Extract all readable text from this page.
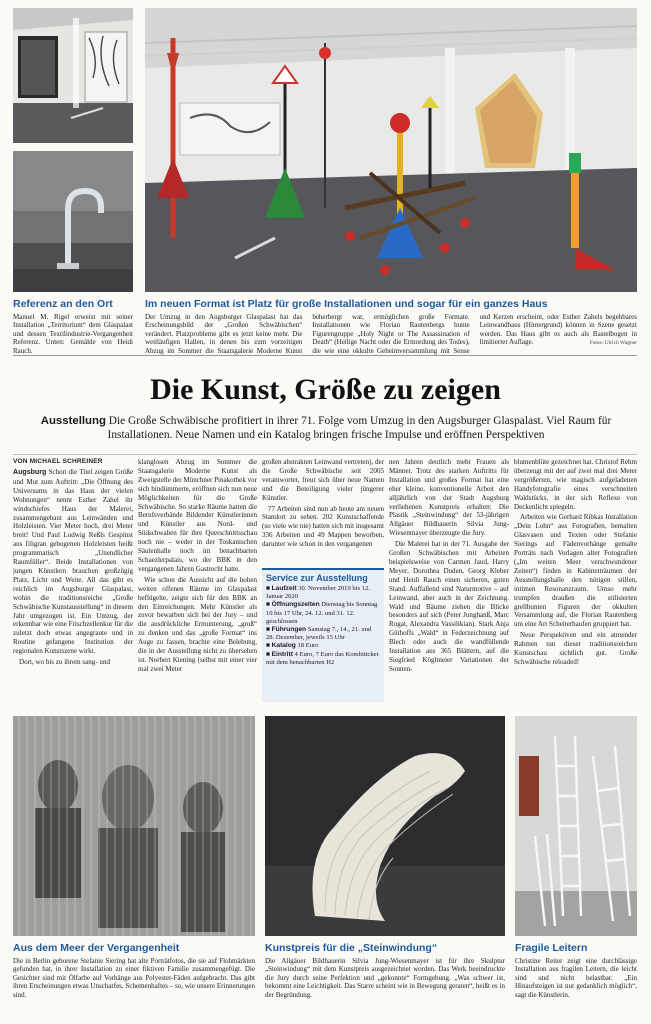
Referenz an den Ort
Manuel M. Rigel erweist mit seiner Installation „Territorium“ dem Glaspalast und dessen Textilindustrie-Vergangenheit Referenz. Unten: Gemälde von Heidi Rauch.
Im neuen Format ist Platz für große Installationen und sogar für ein ganzes Haus
Der Umzug in den Augsburger Glaspalast hat das Erscheinungsbild der „Großen Schwäbischen“ verändert. Platzprobleme gibt es jetzt keine mehr. Die weitläufigen Hallen, in denen bis zum vorzeitigen Abzug im Sommer die Staatsgalerie Moderne Kunst beherbergt war, ermöglichen große Formate. Installationen wie Florian Rautenbergs bunte Figurengruppe „Holy Night or The Assassination of Death“ (Heilige Nacht oder die Ermordung des Todes), die wie eine okkulte Geheimversammlung mit Sense und Kerzen erscheint, oder Esther Zahels begehbares Leinwandhaus (Hintergrund) können in Szene gesetzt werden. Das Haus gibt es auch als Bastelbogen in limitierter Auflage.	Fotos: Ulrich Wagner
Die Kunst, Größe zu zeigen
Ausstellung Die Große Schwäbische profitiert in ihrer 71. Folge vom Umzug in den Augsburger Glaspalast. Viel Raum für Installationen. Neue Namen und ein Katalog bringen frische Impulse und eröffnen Perspektiven
VON MICHAEL SCHREINER

Augsburg Schon die Titel zeigen Größe und Mut zum Auftritt: „Die Öffnung des Universums in das Haus der vielen Wohnungen“ nennt Esther Zahel ihr windschiefes Haus der Malerei, zusammengebaut aus Leinwänden und Holzleisten. Vier Meter hoch, drei Meter breit! Und Paul Ludwig Reßls Gespinst aus filigran gebogenen Holzleisten heißt programmatisch „Unendlicher Raumfüller“. Beide Installationen von jungen Künstlern brauchen großzügig Platz, Licht und Weite. All das gibt es reichlich im Augsburger Glaspalast, wohin die traditionsreiche „Große Schwäbische Kunstausstellung“ in diesem Jahr umgezogen ist. Ein Umzug, der erkennbar wie eine Frischzellenkur für die zuletzt doch etwas angegraute und in Routine gefangene Institution der regionalen Kunstszene wirkt.

Dort, wo bis zu ihrem sang- und

klanglosen Abzug im Sommer die Staatsgalerie Moderne Kunst als Zweigstelle der Münchner Pinakothek vor sich hindümmerte, eröffnen sich nun neue Möglichkeiten für die Große Schwäbische. So starke Räume hatten die Berufsverbände Bildender Künstlerinnen und Künstler aus Nord- und Südschwaben für ihre Querschnittsschau noch nie – weder in der Toskanischen Säulenhalle noch im benachbarten Schaezlerpalais, wo der BBK in den vergangenen Jahren Gastrecht hatte.

Wie schon die Aussicht auf die hohen weiten offenen Räume im Glaspalast beflügelte, zeigte sich für den BBK an den Einreichungen. Mehr Künstler als zuvor bewarben sich bei der Jury – und die ausdrückliche Ermunterung, „groß“ zu denken und das „große Format“ ins Auge zu fassen, brachte eine Belebung, die in der Ausstellung nicht zu übersehen ist. Norbert Kiening (selbst mit einer vier mal zwei Meter

großen abstrakten Leinwand vertreten), der die Große Schwäbische seit 2005 verantwortet, freut sich über neue Namen und die Beteiligung vieler jüngerer Künstler.

77 Arbeiten sind nun ab heute am neuen Standort zu sehen. 202 Kunstschaffende (so viele wie nie) hatten sich mit insgesamt 336 Arbeiten und 49 Mappen beworben, darunter wie schon in den vergangenen

Service zur Ausstellung
■ Laufzeit 30. November 2019 bis 12. Januar 2020
■ Öffnungszeiten Dienstag bis Sonntag 10 bis 17 Uhr, 24. 12. und 31. 12. geschlossen
■ Führungen Samstag 7., 14., 21. und 28. Dezember, jeweils 15 Uhr
■ Katalog 18 Euro
■ Eintritt 4 Euro, 7 Euro das Kombiticket mit dem benachbarten H2

nen Jahren deutlich mehr Frauen als Männer. Trotz des starken Auftritts für Installation und großes Format hat eine eher kleine, konventionelle Arbeit den alljährlich von der Stadt Augsburg verliehenen Kunstpreis erhalten: Die Plastik „Steinwindung“ der 53-jährigen Allgäuer Bildhauerin Silvia Jung-Wiesenmayer überzeugte die Jury.

Die Malerei hat in der 71. Ausgabe der Großen Schwäbischen mit Arbeiten beispielsweise von Carmen Jaud, Harry Meyer, Dorothea Duden, Georg Kleber und Heidi Rauch einen sicheren, guten Stand. Auffallend sind Naturmotive – auf Leinwand, aber auch in der Zeichnung. Wald und Bäume ziehen die Blicke besonders auf sich (Peter Junghanß, Marc Rogat, Alexandra Vassilikian). Stark Anja Güthoffs „Wald“ in Federzeichnung auf Blech oder auch die wandfüllende Installation aus 365 Blättern, auf die Siegfried Köglmeier Variationen der Sonnen-

blumenblüte gezeichnet hat. Christof Rehm überzeugt mit der auf zwei mal drei Meter vergrößerten, wie magisch aufgeladenen Handyfotografie eines verschneiten Waldstücks, in der sich Reflexe von Deckenlicht spiegeln.

Arbeiten wie Gerhard Ribkas Installation „Dein Lohn“ aus Fotografien, bemalten Glasvasen und Texten oder Stefanie Sierings auf Fädenvorhänge gemalte Porträts nach Vorlagen alter Fotografien („Im weiten Meer verschwundener Zeiten“) finden in Kabinetträumen der Ausstellungshalle den nötigen stillen, intimen Resonanzraum. Umso mehr trumpfen draußen die stilisierten grellbunten Figuren der okkulten Versammlung auf, die Florian Rautenberg um eine Art Scheiterhaufen gruppiert hat.

Neue Perspektiven und ein atmender Rahmen tun dieser traditionsreichen Kunstschau sichtlich gut. Große Schwäbische reloaded!

Aus dem Meer der Vergangenheit
Die in Berlin geborene Stefanie Siering hat alte Porträtfotos, die sie auf Flohmärkten gefunden hat, in ihrer Installation zu einer fiktiven Familie zusammengefügt. Die Gesichter sind mit Ölfarbe auf Vorhänge aus Polyester-Fäden aufgebracht. Das gibt ihren Erscheinungen etwas Unscharfes, Schemenhaftes – so, wie unsere Erinnerungen sind.
Kunstpreis für die „Steinwindung“
Die Allgäuer Bildhauerin Silvia Jung-Wiesenmayer ist für ihre Skulptur „Steinwindung“ mit dem Kunstpreis ausgezeichnet worden. Das Werk beeindruckte die Jury durch seine Perfektion und „gekonnte“ Formgebung. „Was schwer ist, bekommt eine Leichtigkeit. Das Starre scheint wie in Bewegung geraten“, heißt es in der Begründung.
Fragile Leitern
Christine Reiter zeigt eine durchlässige Installation aus fragilen Leitern, die leicht sind und nicht belastbar. „Ein Hinaufsteigen ist nur gedanklich möglich“, sagt die Künstlerin.
